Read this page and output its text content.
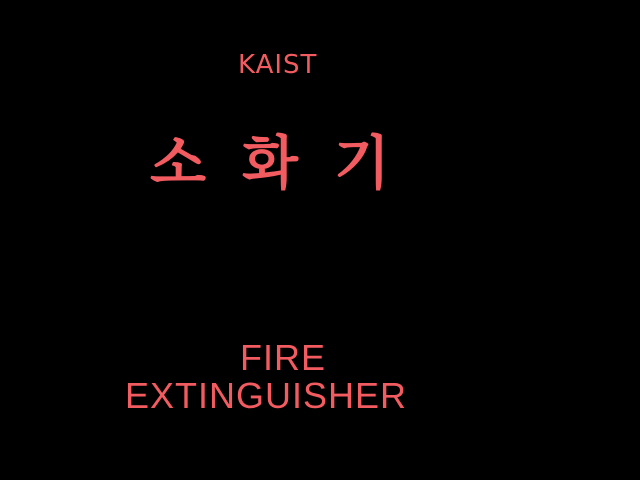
KAIST

소화기

FIRE

EXTINGUISHER
